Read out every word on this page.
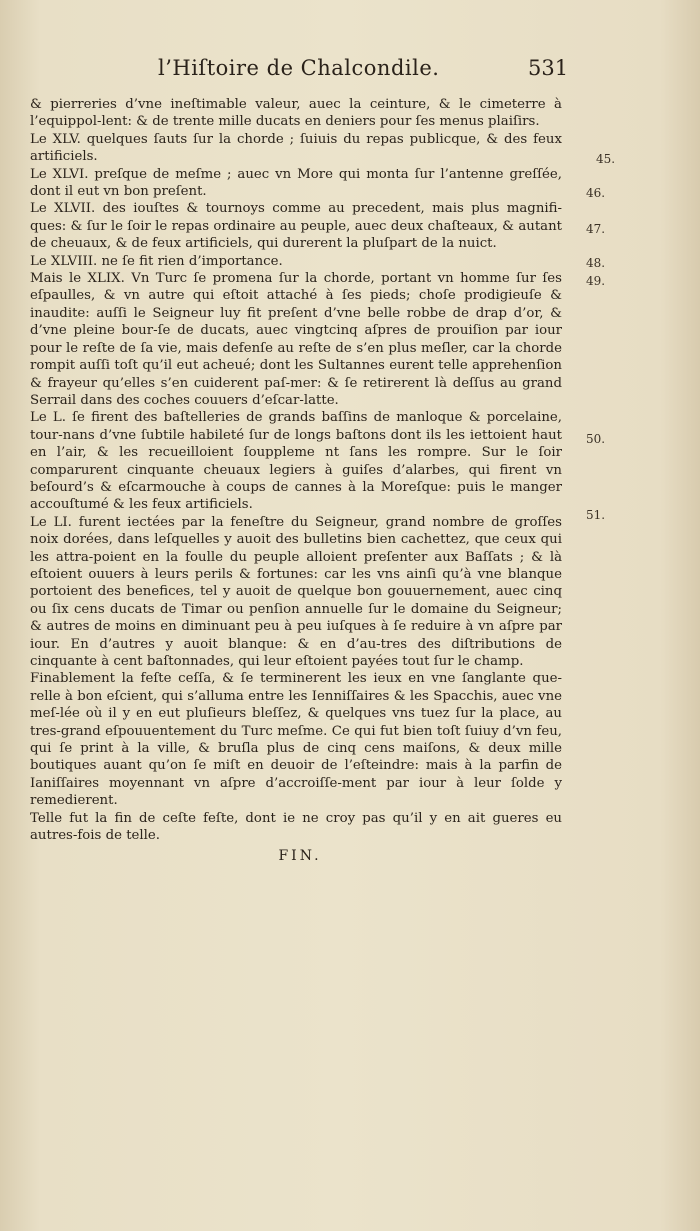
l’Hiſtoire de Chalcondile.	531

& pierreries d’vne ineſtimable valeur, auec la ceinture, & le cimeterre à l’equippol-lent: & de trente mille ducats en deniers pour ſes menus plaiſirs.

Le XLV. quelques ſauts ſur la chorde ; ſuiuis du repas publicque, & des feux artificiels.

Le XLVI. preſque de meſme ; auec vn More qui monta ſur l’antenne greſſée, dont il eut vn bon preſent.

Le XLVII. des iouſtes & tournoys comme au precedent, mais plus magnifi-ques: & ſur le ſoir le repas ordinaire au peuple, auec deux chaſteaux, & autant de cheuaux, & de feux artificiels, qui durerent la pluſpart de la nuict.

Le XLVIII. ne ſe fit rien d’importance.

Mais le XLIX. Vn Turc ſe promena ſur la chorde, portant vn homme ſur ſes eſpaulles, & vn autre qui eſtoit attaché à ſes pieds; choſe prodigieuſe & inaudite: auſſi le Seigneur luy fit preſent d’vne belle robbe de drap d’or, & d’vne pleine bour-ſe de ducats, auec vingtcinq aſpres de prouiſion par iour pour le reſte de ſa vie, mais defenſe au reſte de s’en plus meſler, car la chorde rompit auſſi toſt qu’il eut acheué; dont les Sultannes eurent telle apprehenſion & frayeur qu’elles s’en cuiderent paſ-mer: & ſe retirerent là deſſus au grand Serrail dans des coches couuers d’eſcar-latte.

Le L. ſe firent des baſtelleries de grands baſſins de manloque & porcelaine, tour-nans d’vne ſubtile habileté ſur de longs baſtons dont ils les iettoient haut en l’air, & les recueilloient ſouppleme nt ſans les rompre. Sur le ſoir comparurent cinquante cheuaux legiers à guiſes d’alarbes, qui firent vn beſourd’s & eſcarmouche à coups de cannes à la Moreſque: puis le manger accouſtumé & les feux artificiels.

Le LI. furent iectées par la feneſtre du Seigneur, grand nombre de groſſes noix dorées, dans leſquelles y auoit des bulletins bien cachettez, que ceux qui les attra-poient en la foulle du peuple alloient preſenter aux Baſſats ; & là eſtoient ouuers à leurs perils & fortunes: car les vns ainſi qu’à vne blanque portoient des benefices, tel y auoit de quelque bon gouuernement, auec cinq ou ſix cens ducats de Timar ou penſion annuelle ſur le domaine du Seigneur; & autres de moins en diminuant peu à peu iuſques à ſe reduire à vn aſpre par iour. En d’autres y auoit blanque: & en d’au-tres des diſtributions de cinquante à cent baſtonnades, qui leur eſtoient payées tout ſur le champ.

Finablement la feſte ceſſa, & ſe terminerent les ieux en vne ſanglante que-relle à bon eſcient, qui s’alluma entre les Ienniſſaires & les Spacchis, auec vne meſ-lée où il y en eut pluſieurs bleſſez, & quelques vns tuez ſur la place, au tres-grand eſpouuentement du Turc meſme. Ce qui fut bien toſt ſuiuy d’vn feu, qui ſe print à la ville, & bruſla plus de cinq cens maiſons, & deux mille boutiques auant qu’on ſe miſt en deuoir de l’eſteindre: mais à la parfin de Ianiſſaires moyennant vn aſpre d’accroiſſe-ment par iour à leur ſolde y remedierent.

Telle fut la fin de ceſte feſte, dont ie ne croy pas qu’il y en ait gueres eu autres-fois de telle.

45.
46.
47.
48.
49.
50.
51.
FIN.
